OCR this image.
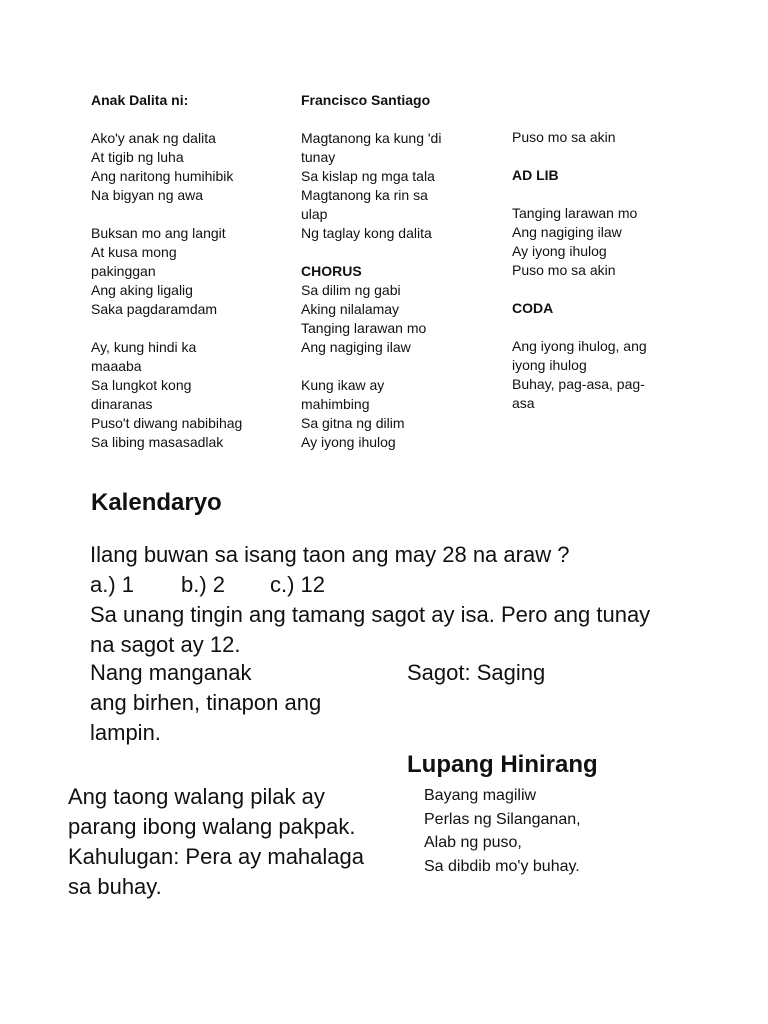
Anak Dalita ni:
Ako'y anak ng dalita
At tigib ng luha
Ang naritong humihibik
Na bigyan ng awa
Buksan mo ang langit
At kusa mong
pakinggan
Ang aking ligalig
Saka pagdaramdam
Ay, kung hindi ka
maaaba
Sa lungkot kong
dinaranas
Puso't diwang nabibihag
Sa libing masasadlak
Francisco Santiago
Magtanong ka kung 'di
tunay
Sa kislap ng mga tala
Magtanong ka rin sa
ulap
Ng taglay kong dalita
CHORUS
Sa dilim ng gabi
Aking nilalamay
Tanging larawan mo
Ang nagiging ilaw
Kung ikaw ay
mahimbing
Sa gitna ng dilim
Ay iyong ihulog
Puso mo sa akin
AD LIB
Tanging larawan mo
Ang nagiging ilaw
Ay iyong ihulog
Puso mo sa akin
CODA
Ang iyong ihulog, ang
iyong ihulog
Buhay, pag-asa, pag-
asa
Kalendaryo
Ilang buwan sa isang taon ang may 28 na araw ?
a.) 1 b.) 2 c.) 12
Sa unang tingin ang tamang sagot ay isa. Pero ang tunay
na sagot ay 12.
Nang manganak
ang birhen, tinapon ang
lampin.
Sagot: Saging
Lupang Hinirang
Bayang magiliw
Perlas ng Silanganan,
Alab ng puso,
Sa dibdib mo'y buhay.
Ang taong walang pilak ay
parang ibong walang pakpak.
Kahulugan: Pera ay mahalaga
sa buhay.
